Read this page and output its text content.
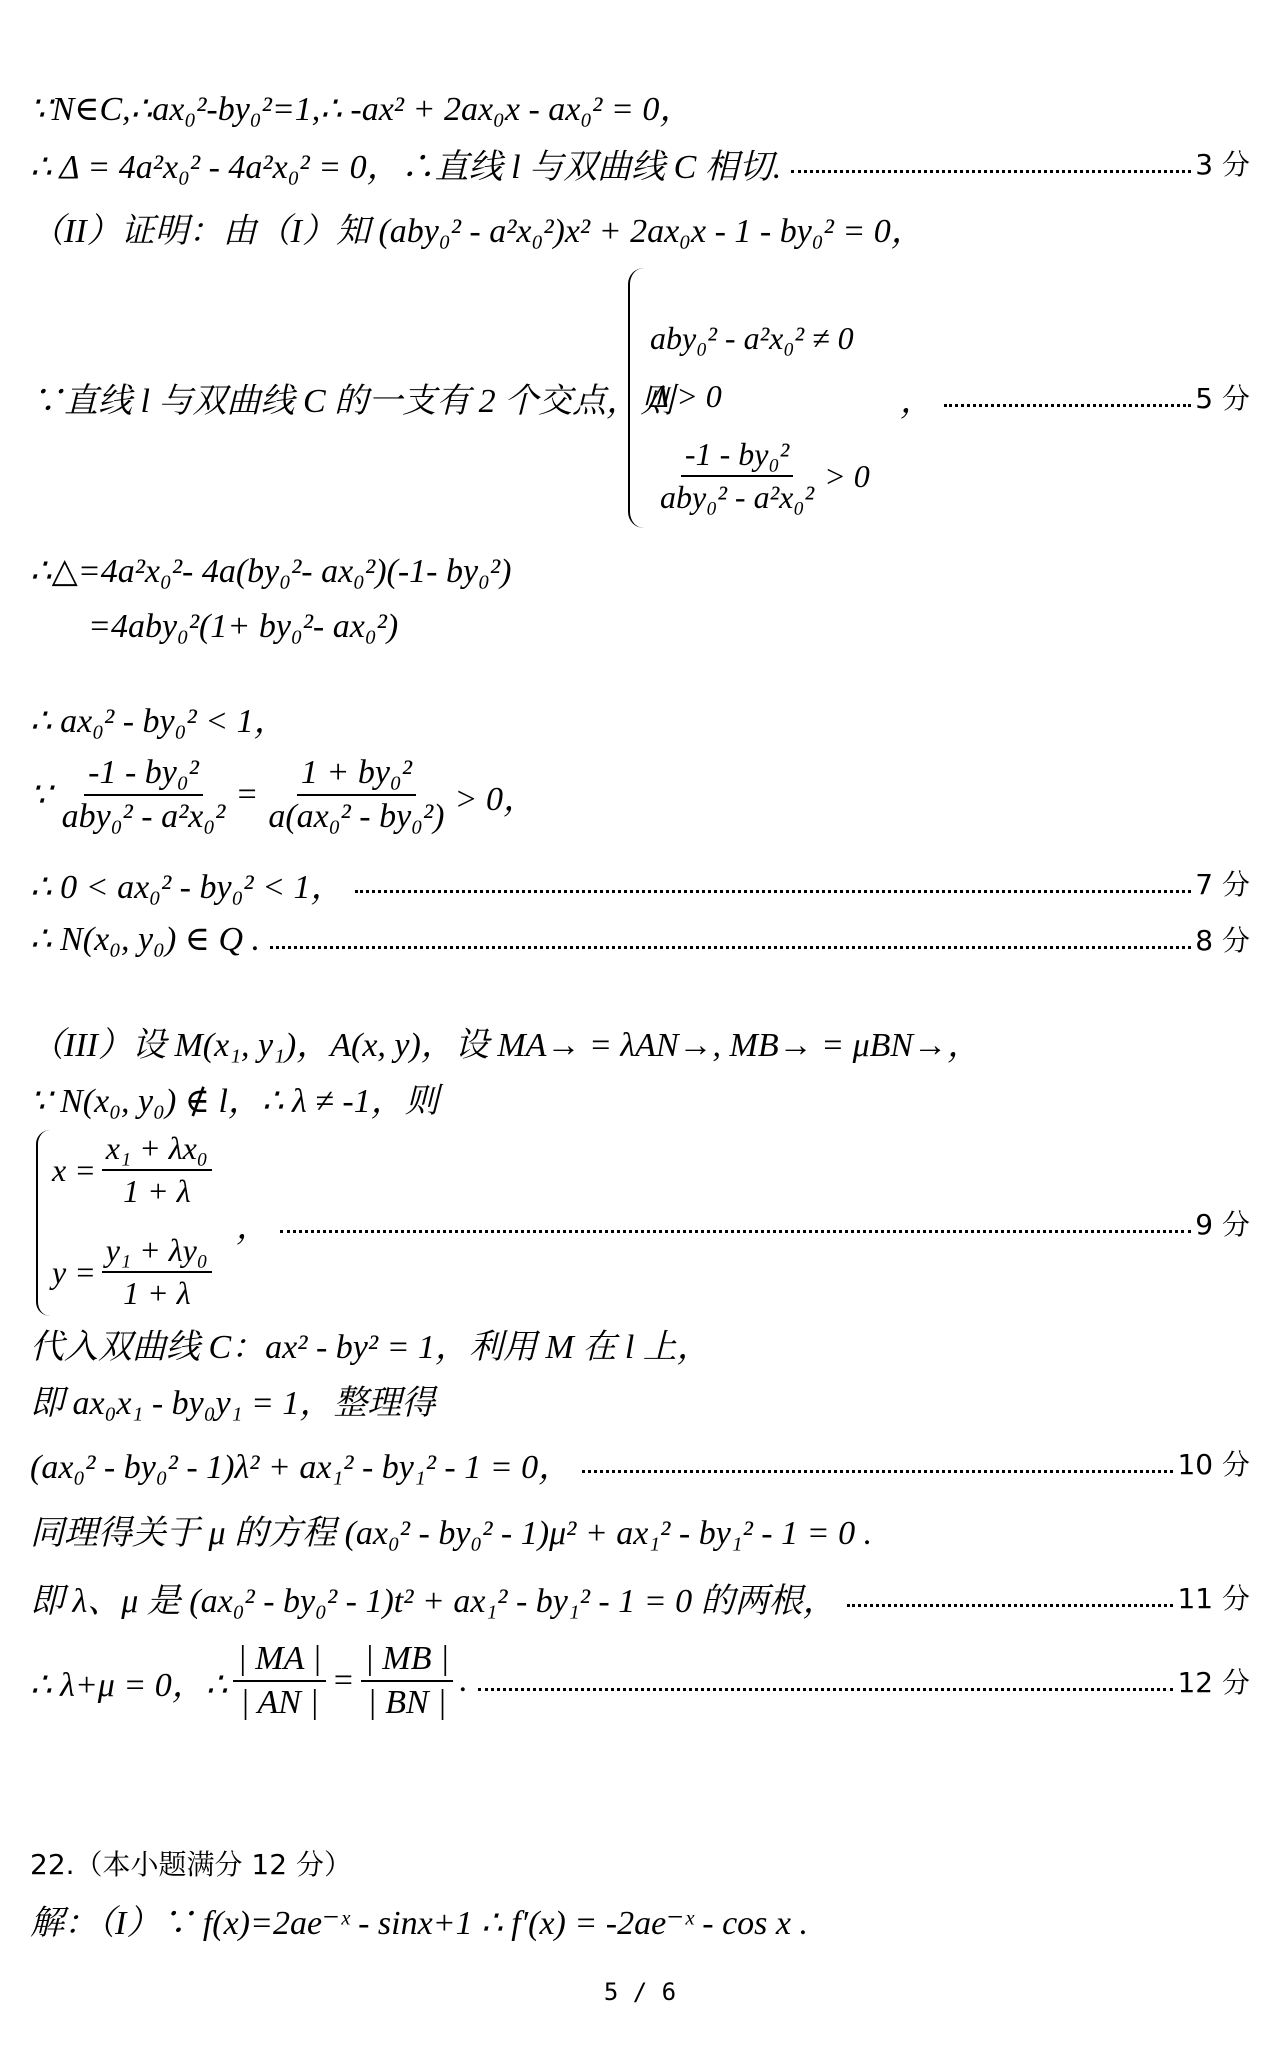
∵N∈C,∴ax₀²-by₀²=1,∴ -ax² + 2ax₀x - ax₀² = 0，
∴ Δ = 4a²x₀² - 4a²x₀² = 0，∴直线 l 与双曲线 C 相切.	3 分
（II）证明：由（I）知 (aby₀² - a²x₀²)x² + 2ax₀x - 1 - by₀² = 0，
∵直线 l 与双曲线 C 的一支有 2 个交点，则
aby₀² - a²x₀² ≠ 0
Δ > 0
$\frac{\text{-1 - by₀²}}{\text{aby₀² - a²x₀²}} > 0$
，	5 分
∴△=4a²x₀²- 4a(by₀²- ax₀²)(-1- by₀²)
=4aby₀²(1+ by₀²- ax₀²)
∴ ax₀² - by₀² < 1，
∵ $\frac{\text{-1 - by₀²}}{\text{aby₀² - a²x₀²}} = \frac{\text{1 + by₀²}}{\text{a(ax₀² - by₀²)}} > 0$，
∴ 0 < ax₀² - by₀² < 1，	7 分
∴ N(x₀, y₀) ∈ Q .	8 分
（III）设 M(x₁, y₁)，A(x, y)，设 MA→ = λAN→, MB→ = μBN→，
∵ N(x₀, y₀) ∉ l，∴ λ ≠ -1，则
$x = \frac{\text{x₁ + λx₀}}{1 + \lambda}$
$y = \frac{\text{y₁ + λy₀}}{1 + \lambda}$
，	9 分
代入双曲线 C：ax² - by² = 1，利用 M 在 l 上，
即 ax₀x₁ - by₀y₁ = 1，整理得
(ax₀² - by₀² - 1)λ² + ax₁² - by₁² - 1 = 0，	10 分
同理得关于 μ 的方程 (ax₀² - by₀² - 1)μ² + ax₁² - by₁² - 1 = 0 .
即 λ、μ 是 (ax₀² - by₀² - 1)t² + ax₁² - by₁² - 1 = 0 的两根，	11 分
∴ λ+μ = 0，∴ $\frac{| MA |}{| AN |} = \frac{| MB |}{| BN |}$ .	12 分
22.（本小题满分 12 分）
解：（I）∵ f(x)=2ae⁻ˣ - sinx+1 ∴ f′(x) = -2ae⁻ˣ - cos x .
5 / 6
